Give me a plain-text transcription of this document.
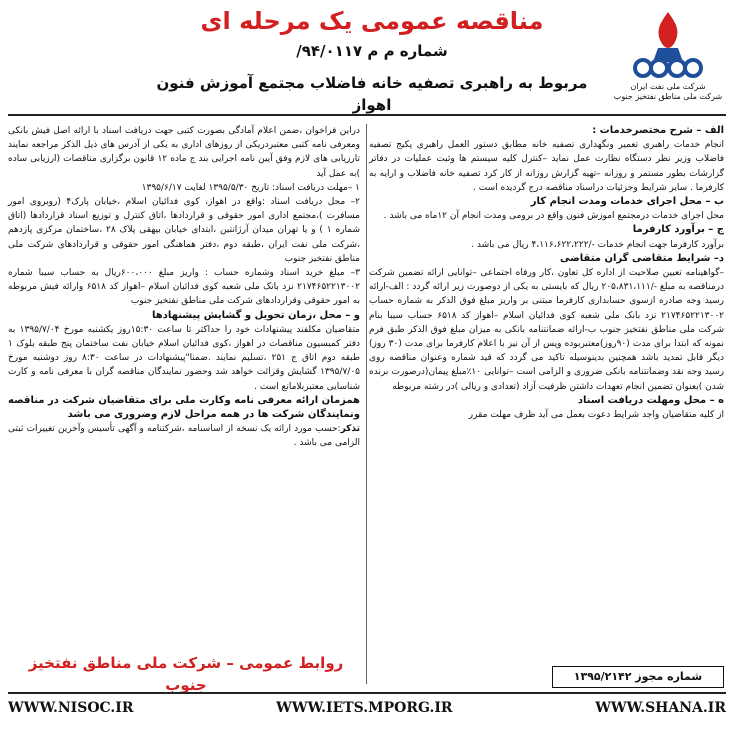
شرکت ملی نفت ایران
شرکت ملی مناطق نفتخیز جنوب
مناقصه عمومی یک مرحله ای
شماره م م ۹۴/۰۱۱۷/
مربوط به راهبری تصفیه خانه فاضلاب مجتمع آموزش فنون اهواز
الف – شرح مختصرخدمات :

انجام خدمات راهبری تعمیر ونگهداری تصفیه خانه مطابق دستور العمل راهبری پکیج تصفیه فاضلاب وزیر نظر دستگاه نظارت عمل نماید –کنترل کلیه سیستم ها وثبت عملیات در دفاتر گزارشات بطور مستمر و روزانه –تهیه گزارش روزانه از کار کرد تصفیه خانه فاضلاب و ارایه به کارفرما . سایر شرایط وجزئیات دراسناد مناقصه درج گردیده است .

ب – محل اجرای خدمات ومدت انجام کار

محل اجرای خدمات درمجتمع اموزش فنون واقع در برومی ومدت انجام آن ۱۲ماه می باشد .

ج – برآورد کارفرما

برآورد کارفرما جهت انجام خدمات -/۴،۱۱۶،۶۲۲،۲۲۲ ریال می باشد .

د– شرایط متقاضی گران متقاضی

–گواهینامه تعیین صلاحیت از اداره کل تعاون ،کار ورفاه اجتماعی –توانایی ارائه تضمین شرکت درمناقصه به مبلغ -/۲۰۵،۸۳۱،۱۱۱ ریال که بایستی به یکی از دوصورت زیر ارائه گردد : الف-ارائه رسید وجه صادره ازسوی حسابداری کارفرما مبتنی بر واریز مبلغ فوق الذکر به شماره حساب ۲۱۷۴۶۵۲۲۱۳۰۰۲ نزد بانک ملی شعبه کوی فدائیان اسلام –اهواز کد ۶۵۱۸ حساب سیبا بنام شرکت ملی مناطق نفتخیز جنوب ب-ارائه ضمانتنامه بانکی به میزان مبلغ فوق الذکر طبق فرم نمونه که ابتدا برای مدت (۹۰روز)معتبربوده وپس از آن نیز با اعلام کارفرما برای مدت (۳۰ روز) دیگر قابل تمدید باشد همچنین بدینوسیله تاکید می گردد که قید شماره وعنوان مناقصه روی رسید وجه نقد وضمانتنامه بانکی ضروری و الزامی است –توانایی ۱۰٪مبلغ پیمان(درصورت برنده شدن )بعنوان تضمین انجام تعهدات داشتن ظرفیت آزاد (تعدادی و ریالی )در رشته مربوطه

ه – محل ومهلت دریافت اسناد

از کلیه متقاضیان واجد شرایط دعوت بعمل می آید ظرف مهلت مقرر

دراین فراخوان ،ضمن اعلام آمادگی بصورت کتبی جهت دریافت اسناد با ارائه اصل فیش بانکی ومعرفی نامه کتبی معتبردریکی از روزهای اداری به یکی از آدرس های ذیل الذکر مراجعه نمایند تارزیابی های لازم وفق آیین نامه اجرایی بند ج ماده ۱۲ قانون برگزاری مناقصات (ارزیابی ساده )به عمل آید

۱ –مهلت دریافت اسناد: تاریخ ۱۳۹۵/۵/۳۰ لغایت ۱۳۹۵/۶/۱۷

۲– محل دریافت اسناد :واقع در اهواز، کوی فدائیان اسلام ،خیابان پارک۴ (روبروی امور مسافرت )،مجتمع اداری امور حقوقی و قراردادها ،اتاق کنترل و توزیع اسناد قراردادها (اتاق شماره ۱ ) و یا تهران میدان آرژانتین ،ابتدای خیابان بیهقی پلاک ۲۸ ،ساختمان مرکزی پازدهم ،شرکت ملی نفت ایران ،طبقه دوم ،دفتر هماهنگی امور حقوقی و قراردادهای شرکت ملی مناطق نفتخیز جنوب

۳– مبلغ خرید اسناد وشماره حساب : واریز مبلغ ۶۰۰،۰۰۰ریال به حساب سیبا شماره ۲۱۷۴۶۵۲۲۱۳۰۰۲ نزد بانک ملی شعبه کوی فدائیان اسلام –اهواز کد ۶۵۱۸ وارائه فیش مربوطه به امور حقوقی وقراردادهای شرکت ملی مناطق نفتخیز جنوب

و – محل ،زمان تحویل و گشایش پیشنهادها

متقاضیان مکلفند پیشنهادات خود را حداکثر تا ساعت ۱۵:۳۰روز یکشنبه مورخ ۱۳۹۵/۷/۰۴ به دفتر کمیسیون مناقصات در اهواز ،کوی فدائیان اسلام خیابان نفت ساختمان پنج طبقه بلوک ۱ طبقه دوم اتاق ج ۲۵۱ ،تسلیم نمایند .ضمنا"پیشنهادات در ساعت ۸:۳۰ روز دوشنبه مورخ ۱۳۹۵/۷/۰۵ گشایش وقرائت خواهد شد وحضور نمایندگان مناقصه گران با معرفی نامه و کارت شناسایی معتبربلامانع است .

همزمان ارائه معرفی نامه وکارت ملی برای متقاضیان شرکت در مناقصه ونمایندگان شرکت ها در همه مراحل لازم وضروری می باشد

تذکر:حسب مورد ارائه یک نسخه از اساسنامه ،شرکتنامه و آگهی تأسیس وآخرین تغییرات ثبتی الزامی می باشد .

روابط عمومی – شرکت ملی مناطق نفتخیز جنوب	شماره مجوز ۱۳۹۵/۲۱۴۲
WWW.NISOC.IR	WWW.IETS.MPORG.IR	WWW.SHANA.IR
